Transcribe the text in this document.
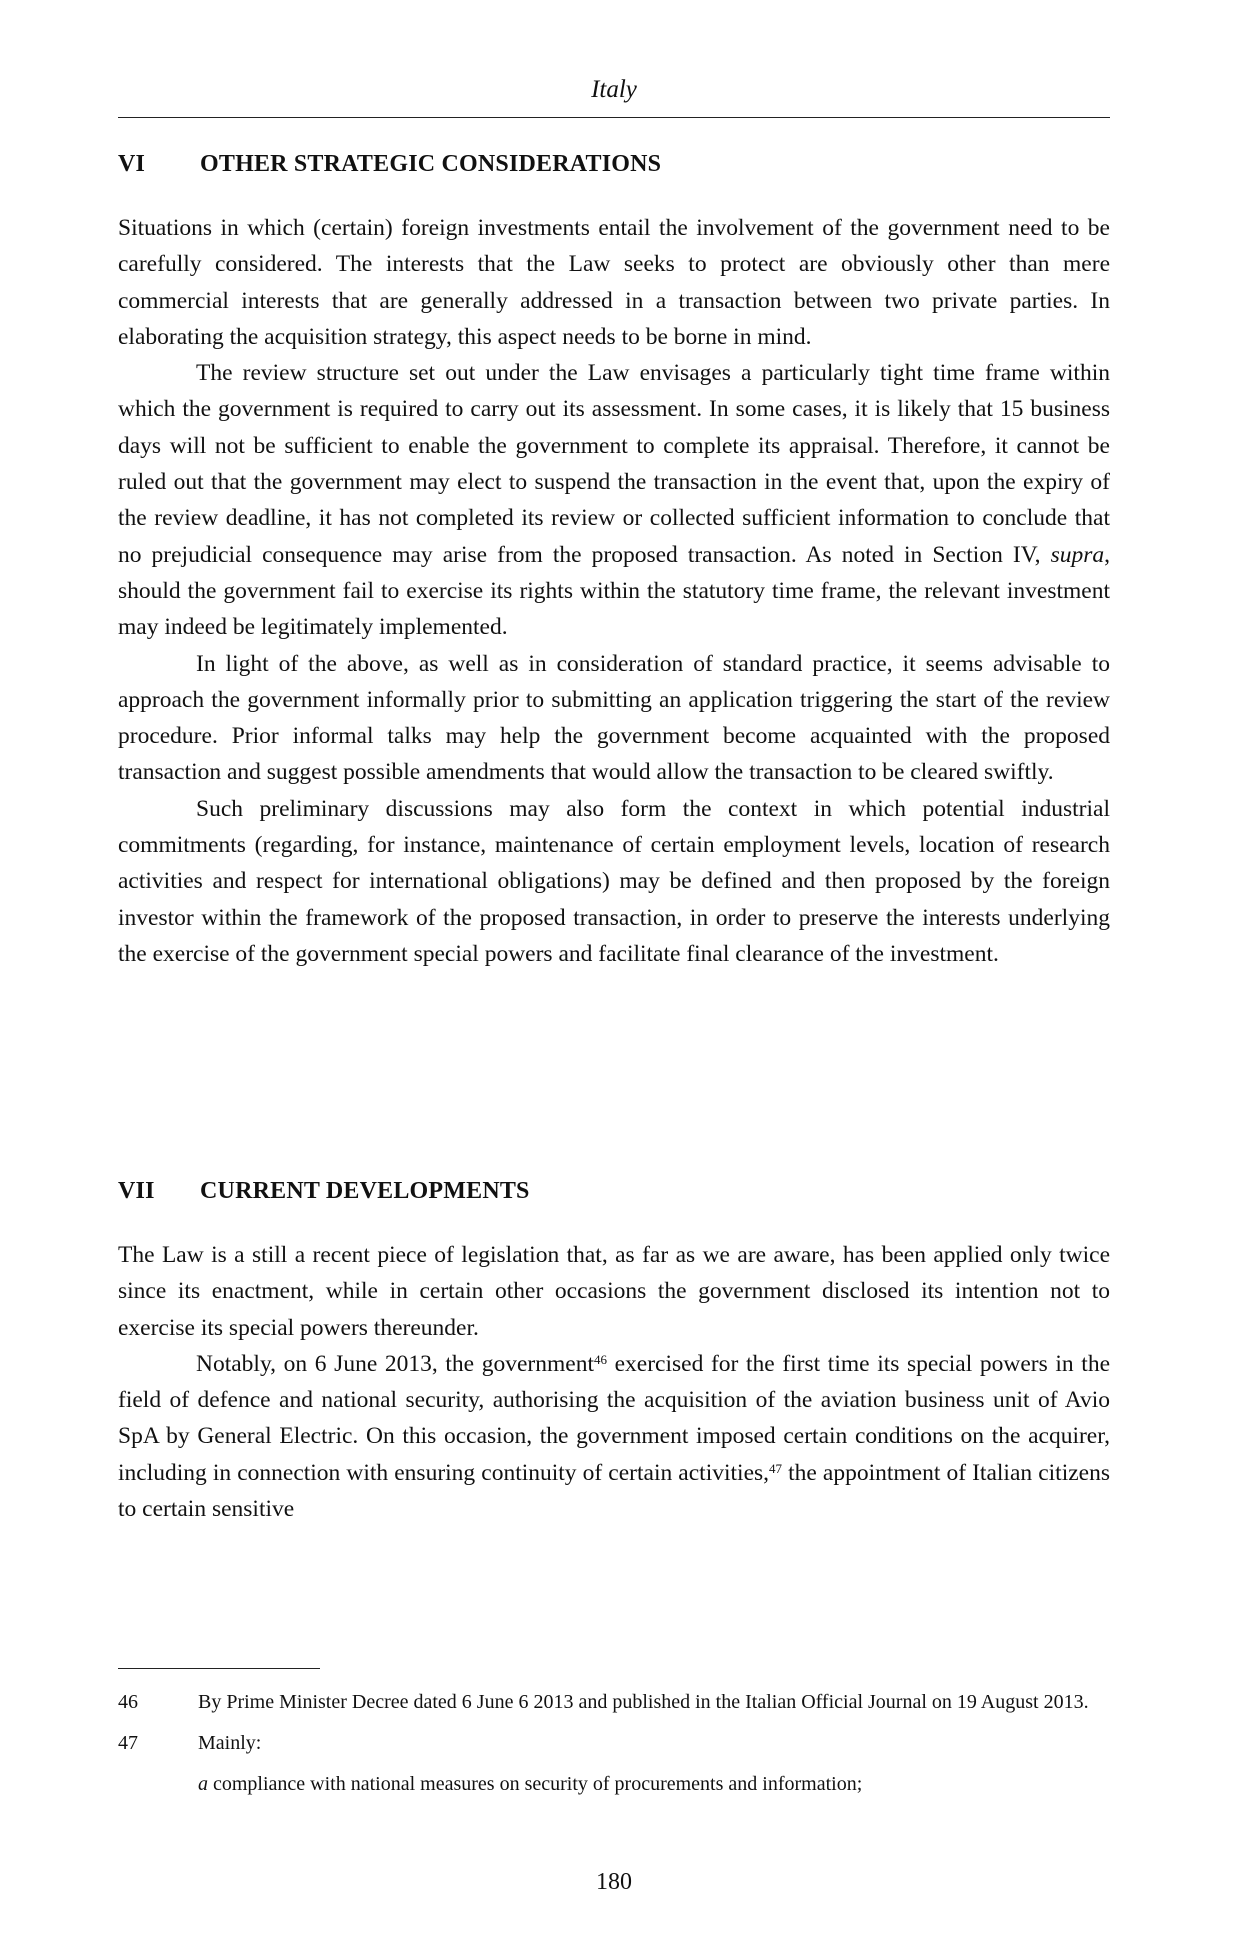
Italy
VI OTHER STRATEGIC CONSIDERATIONS

Situations in which (certain) foreign investments entail the involvement of the government need to be carefully considered. The interests that the Law seeks to protect are obviously other than mere commercial interests that are generally addressed in a transaction between two private parties. In elaborating the acquisition strategy, this aspect needs to be borne in mind.

The review structure set out under the Law envisages a particularly tight time frame within which the government is required to carry out its assessment. In some cases, it is likely that 15 business days will not be sufficient to enable the government to complete its appraisal. Therefore, it cannot be ruled out that the government may elect to suspend the transaction in the event that, upon the expiry of the review deadline, it has not completed its review or collected sufficient information to conclude that no prejudicial consequence may arise from the proposed transaction. As noted in Section IV, supra, should the government fail to exercise its rights within the statutory time frame, the relevant investment may indeed be legitimately implemented.

In light of the above, as well as in consideration of standard practice, it seems advisable to approach the government informally prior to submitting an application triggering the start of the review procedure. Prior informal talks may help the government become acquainted with the proposed transaction and suggest possible amendments that would allow the transaction to be cleared swiftly.

Such preliminary discussions may also form the context in which potential industrial commitments (regarding, for instance, maintenance of certain employment levels, location of research activities and respect for international obligations) may be defined and then proposed by the foreign investor within the framework of the proposed transaction, in order to preserve the interests underlying the exercise of the government special powers and facilitate final clearance of the investment.

VII CURRENT DEVELOPMENTS

The Law is a still a recent piece of legislation that, as far as we are aware, has been applied only twice since its enactment, while in certain other occasions the government disclosed its intention not to exercise its special powers thereunder.

Notably, on 6 June 2013, the government$^{46}$ exercised for the first time its special powers in the field of defence and national security, authorising the acquisition of the aviation business unit of Avio SpA by General Electric. On this occasion, the government imposed certain conditions on the acquirer, including in connection with ensuring continuity of certain activities,$^{47}$ the appointment of Italian citizens to certain sensitive

46	By Prime Minister Decree dated 6 June 6 2013 and published in the Italian Official Journal on 19 August 2013.
47	Mainly:
a compliance with national measures on security of procurements and information;
180
